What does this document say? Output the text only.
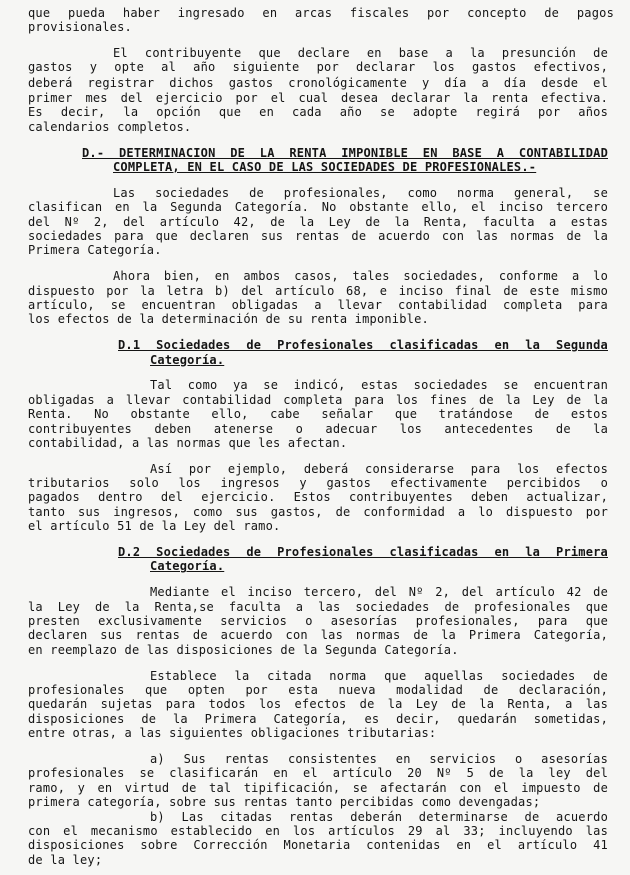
que pueda haber ingresado en arcas fiscales por concepto de pagos
provisionales.
El contribuyente que declare en base a la presunción de
gastos y opte al año siguiente por declarar los gastos efectivos,
deberá registrar dichos gastos cronológicamente y día a día desde el
primer mes del ejercicio por el cual desea declarar la renta efectiva.
Es decir, la opción que en cada año se adopte regirá por años
calendarios completos.
D.- DETERMINACION DE LA RENTA IMPONIBLE EN BASE A CONTABILIDAD
COMPLETA, EN EL CASO DE LAS SOCIEDADES DE PROFESIONALES.-
Las sociedades de profesionales, como norma general, se
clasifican en la Segunda Categoría. No obstante ello, el inciso tercero
del Nº 2, del artículo 42, de la Ley de la Renta, faculta a estas
sociedades para que declaren sus rentas de acuerdo con las normas de la
Primera Categoría.
Ahora bien, en ambos casos, tales sociedades, conforme a lo
dispuesto por la letra b) del artículo 68, e inciso final de este mismo
artículo, se encuentran obligadas a llevar contabilidad completa para
los efectos de la determinación de su renta imponible.
D.1 Sociedades de Profesionales clasificadas en la Segunda
Categoría.
Tal como ya se indicó, estas sociedades se encuentran
obligadas a llevar contabilidad completa para los fines de la Ley de la
Renta. No obstante ello, cabe señalar que tratándose de estos
contribuyentes deben atenerse o adecuar los antecedentes de la
contabilidad, a las normas que les afectan.
Así por ejemplo, deberá considerarse para los efectos
tributarios solo los ingresos y gastos efectivamente percibidos o
pagados dentro del ejercicio. Estos contribuyentes deben actualizar,
tanto sus ingresos, como sus gastos, de conformidad a lo dispuesto por
el artículo 51 de la Ley del ramo.
D.2 Sociedades de Profesionales clasificadas en la Primera
Categoría.
Mediante el inciso tercero, del Nº 2, del artículo 42 de
la Ley de la Renta,se faculta a las sociedades de profesionales que
presten exclusivamente servicios o asesorías profesionales, para que
declaren sus rentas de acuerdo con las normas de la Primera Categoría,
en reemplazo de las disposiciones de la Segunda Categoría.
Establece la citada norma que aquellas sociedades de
profesionales que opten por esta nueva modalidad de declaración,
quedarán sujetas para todos los efectos de la Ley de la Renta, a las
disposiciones de la Primera Categoría, es decir, quedarán sometidas,
entre otras, a las siguientes obligaciones tributarias:
a) Sus rentas consistentes en servicios o asesorías
profesionales se clasificarán en el artículo 20 Nº 5 de la ley del
ramo, y en virtud de tal tipificación, se afectarán con el impuesto de
primera categoría, sobre sus rentas tanto percibidas como devengadas;
b) Las citadas rentas deberán determinarse de acuerdo
con el mecanismo establecido en los artículos 29 al 33; incluyendo las
disposiciones sobre Corrección Monetaria contenidas en el artículo 41
de la ley;
